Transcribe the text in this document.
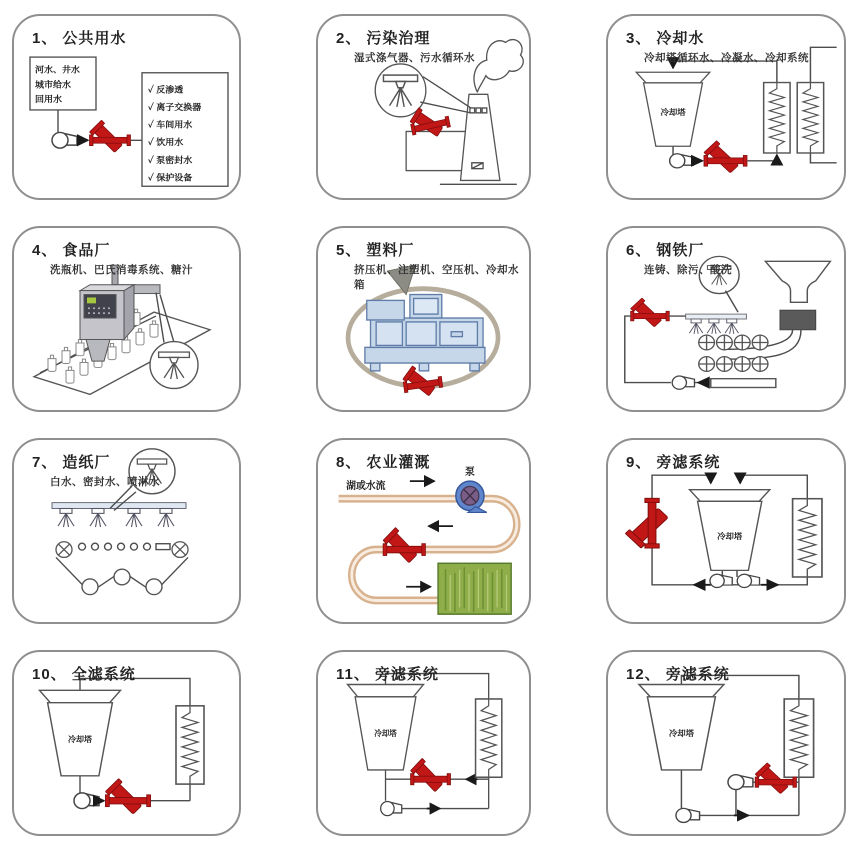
1、 公共用水
河水、井水
城市给水
回用水
✓ 反渗透
✓ 离子交换器
✓ 车间用水
✓ 饮用水
✓ 泵密封水
✓ 保护设备
2、 污染治理
湿式涤气器、污水循环水
3、 冷却水
冷却塔循环水、冷凝水、冷却系统
冷却塔
4、 食品厂
洗瓶机、巴氏消毒系统、糖汁
5、 塑料厂
挤压机、注塑机、空压机、冷却水箱
6、 钢铁厂
连铸、除污、酸洗
7、 造纸厂
白水、密封水、喷淋水
8、 农业灌溉
泵
湖或水流
9、 旁滤系统
冷却塔
10、 全滤系统
冷却塔
11、 旁滤系统
冷却塔
12、 旁滤系统
冷却塔
